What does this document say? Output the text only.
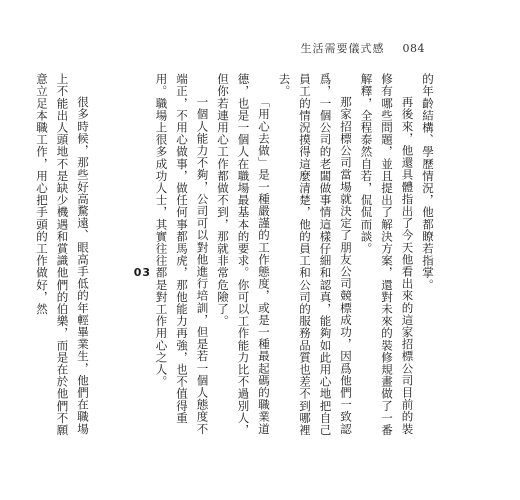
生活需要儀式感 084

的年齡結構、學歷情況，他都瞭若指掌。

再後來，他還具體指出了今天他看出來的這家招標公司目前的裝修有哪些問題，並且提出了解決方案，還對未來的裝修規畫做了一番解釋，全程泰然自若，侃侃而談。

那家招標公司當場就決定了朋友公司競標成功，因爲他們一致認爲，一個公司的老闆做事情這樣仔細和認真，能夠如此用心地把自己員工的情況摸得這麼清楚，他的員工和公司的服務品質也差不到哪裡去。

「用心去做」是一種嚴謹的工作態度，或是一種最起碼的職業道德，也是一個人在職場最基本的要求。你可以工作能力比不過別人，但你若連用心工作都做不到，那就非常危險了。

一個人能力不夠，公司可以對他進行培訓，但是若一個人態度不端正，不用心做事，做任何事都馬虎，那他能力再強，也不值得重用。職場上很多成功人士，其實往往都是對工作用心之人。

03

很多時候，那些好高騖遠、眼高手低的年輕畢業生，他們在職場上不能出人頭地不是缺少機遇和賞識他們的伯樂，而是在於他們不願意立足本職工作，用心把手頭的工作做好，然
